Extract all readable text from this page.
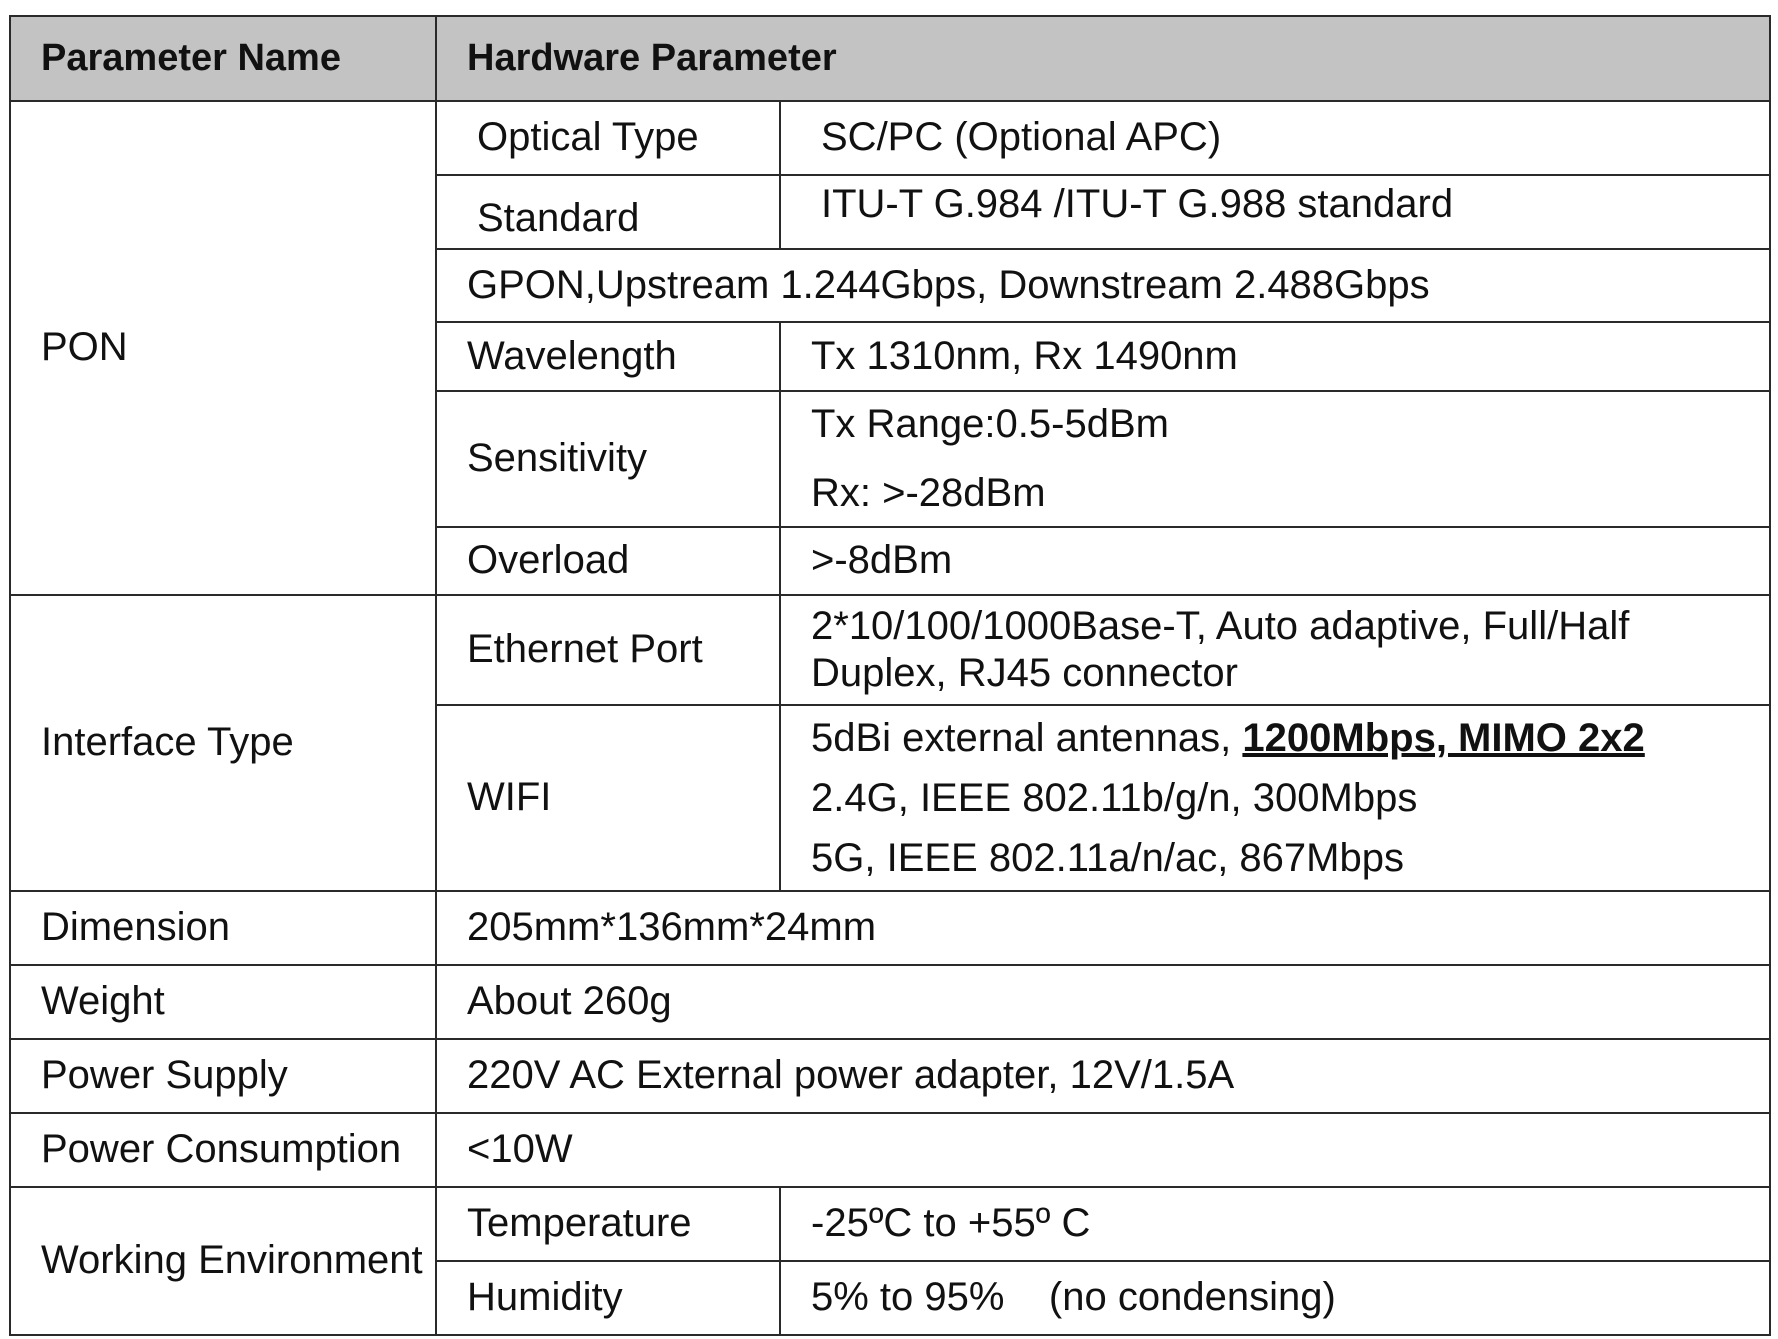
Parameter Name	Hardware Parameter	
PON	Optical Type	SC/PC (Optional APC)
	Standard	ITU-T G.984 /ITU-T G.988 standard
	GPON,Upstream 1.244Gbps, Downstream 2.488Gbps	
	Wavelength	Tx 1310nm, Rx 1490nm
	Sensitivity	Tx Range:0.5-5dBm
Rx: >-28dBm

	Overload	>-8dBm
Interface Type	Ethernet Port	2*10/100/1000Base-T, Auto adaptive, Full/Half
Duplex, RJ45 connector

	WIFI	5dBi external antennas, 1200Mbps, MIMO 2x2
2.4G, IEEE 802.11b/g/n, 300Mbps
5G, IEEE 802.11a/n/ac, 867Mbps

Dimension	205mm*136mm*24mm	
Weight	About 260g	
Power Supply	220V AC External power adapter, 12V/1.5A	
Power Consumption	<10W	
Working Environment	Temperature	-25ºC to +55º C
	Humidity	5% to 95%    (no condensing)
